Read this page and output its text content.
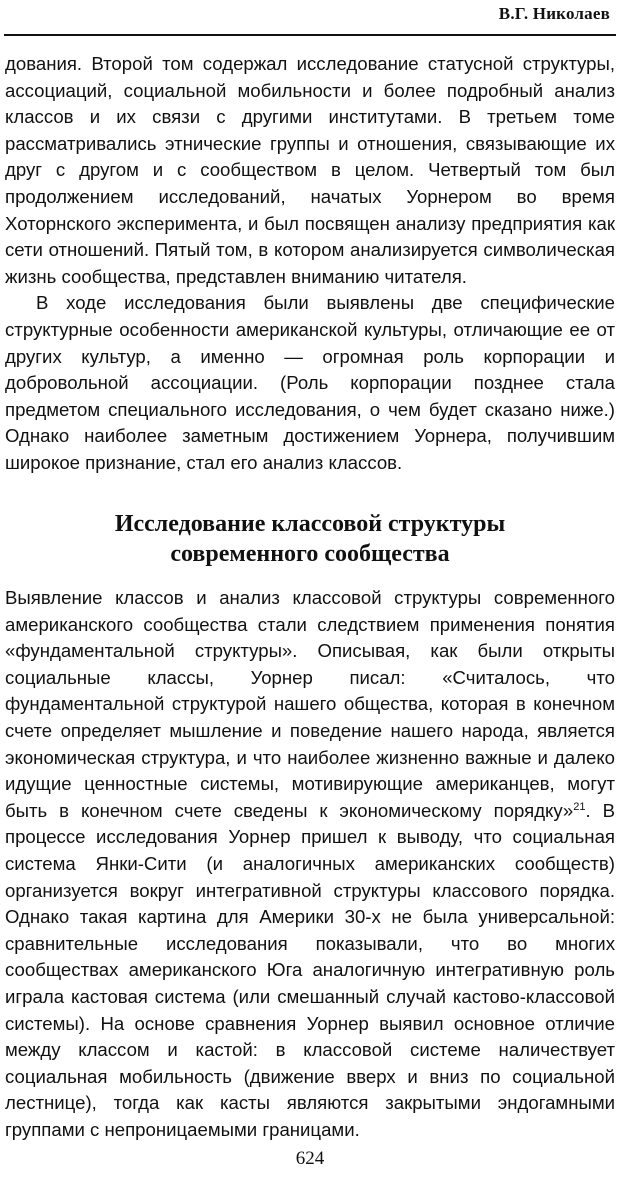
В.Г. Николаев

дования. Второй том содержал исследование статусной структуры, ассоциаций, социальной мобильности и более подробный анализ классов и их связи с другими институтами. В третьем томе рассматривались этнические группы и отношения, связывающие их друг с другом и с сообществом в целом. Четвертый том был продолжением исследований, начатых Уорнером во время Хоторнского эксперимента, и был посвящен анализу предприятия как сети отношений. Пятый том, в котором анализируется символическая жизнь сообщества, представлен вниманию читателя.

В ходе исследования были выявлены две специфические структурные особенности американской культуры, отличающие ее от других культур, а именно — огромная роль корпорации и добровольной ассоциации. (Роль корпорации позднее стала предметом специального исследования, о чем будет сказано ниже.) Однако наиболее заметным достижением Уорнера, получившим широкое признание, стал его анализ классов.

Исследование классовой структуры
современного сообщества

Выявление классов и анализ классовой структуры современного американского сообщества стали следствием применения понятия «фундаментальной структуры». Описывая, как были открыты социальные классы, Уорнер писал: «Считалось, что фундаментальной структурой нашего общества, которая в конечном счете определяет мышление и поведение нашего народа, является экономическая структура, и что наиболее жизненно важные и далеко идущие ценностные системы, мотивирующие американцев, могут быть в конечном счете сведены к экономическому порядку»$^{21}$. В процессе исследования Уорнер пришел к выводу, что социальная система Янки-Сити (и аналогичных американских сообществ) организуется вокруг интегративной структуры классового порядка. Однако такая картина для Америки 30-х не была универсальной: сравнительные исследования показывали, что во многих сообществах американского Юга аналогичную интегративную роль играла кастовая система (или смешанный случай кастово-классовой системы). На основе сравнения Уорнер выявил основное отличие между классом и кастой: в классовой системе наличествует социальная мобильность (движение вверх и вниз по социальной лестнице), тогда как касты являются закрытыми эндогамными группами с непроницаемыми границами.

624
